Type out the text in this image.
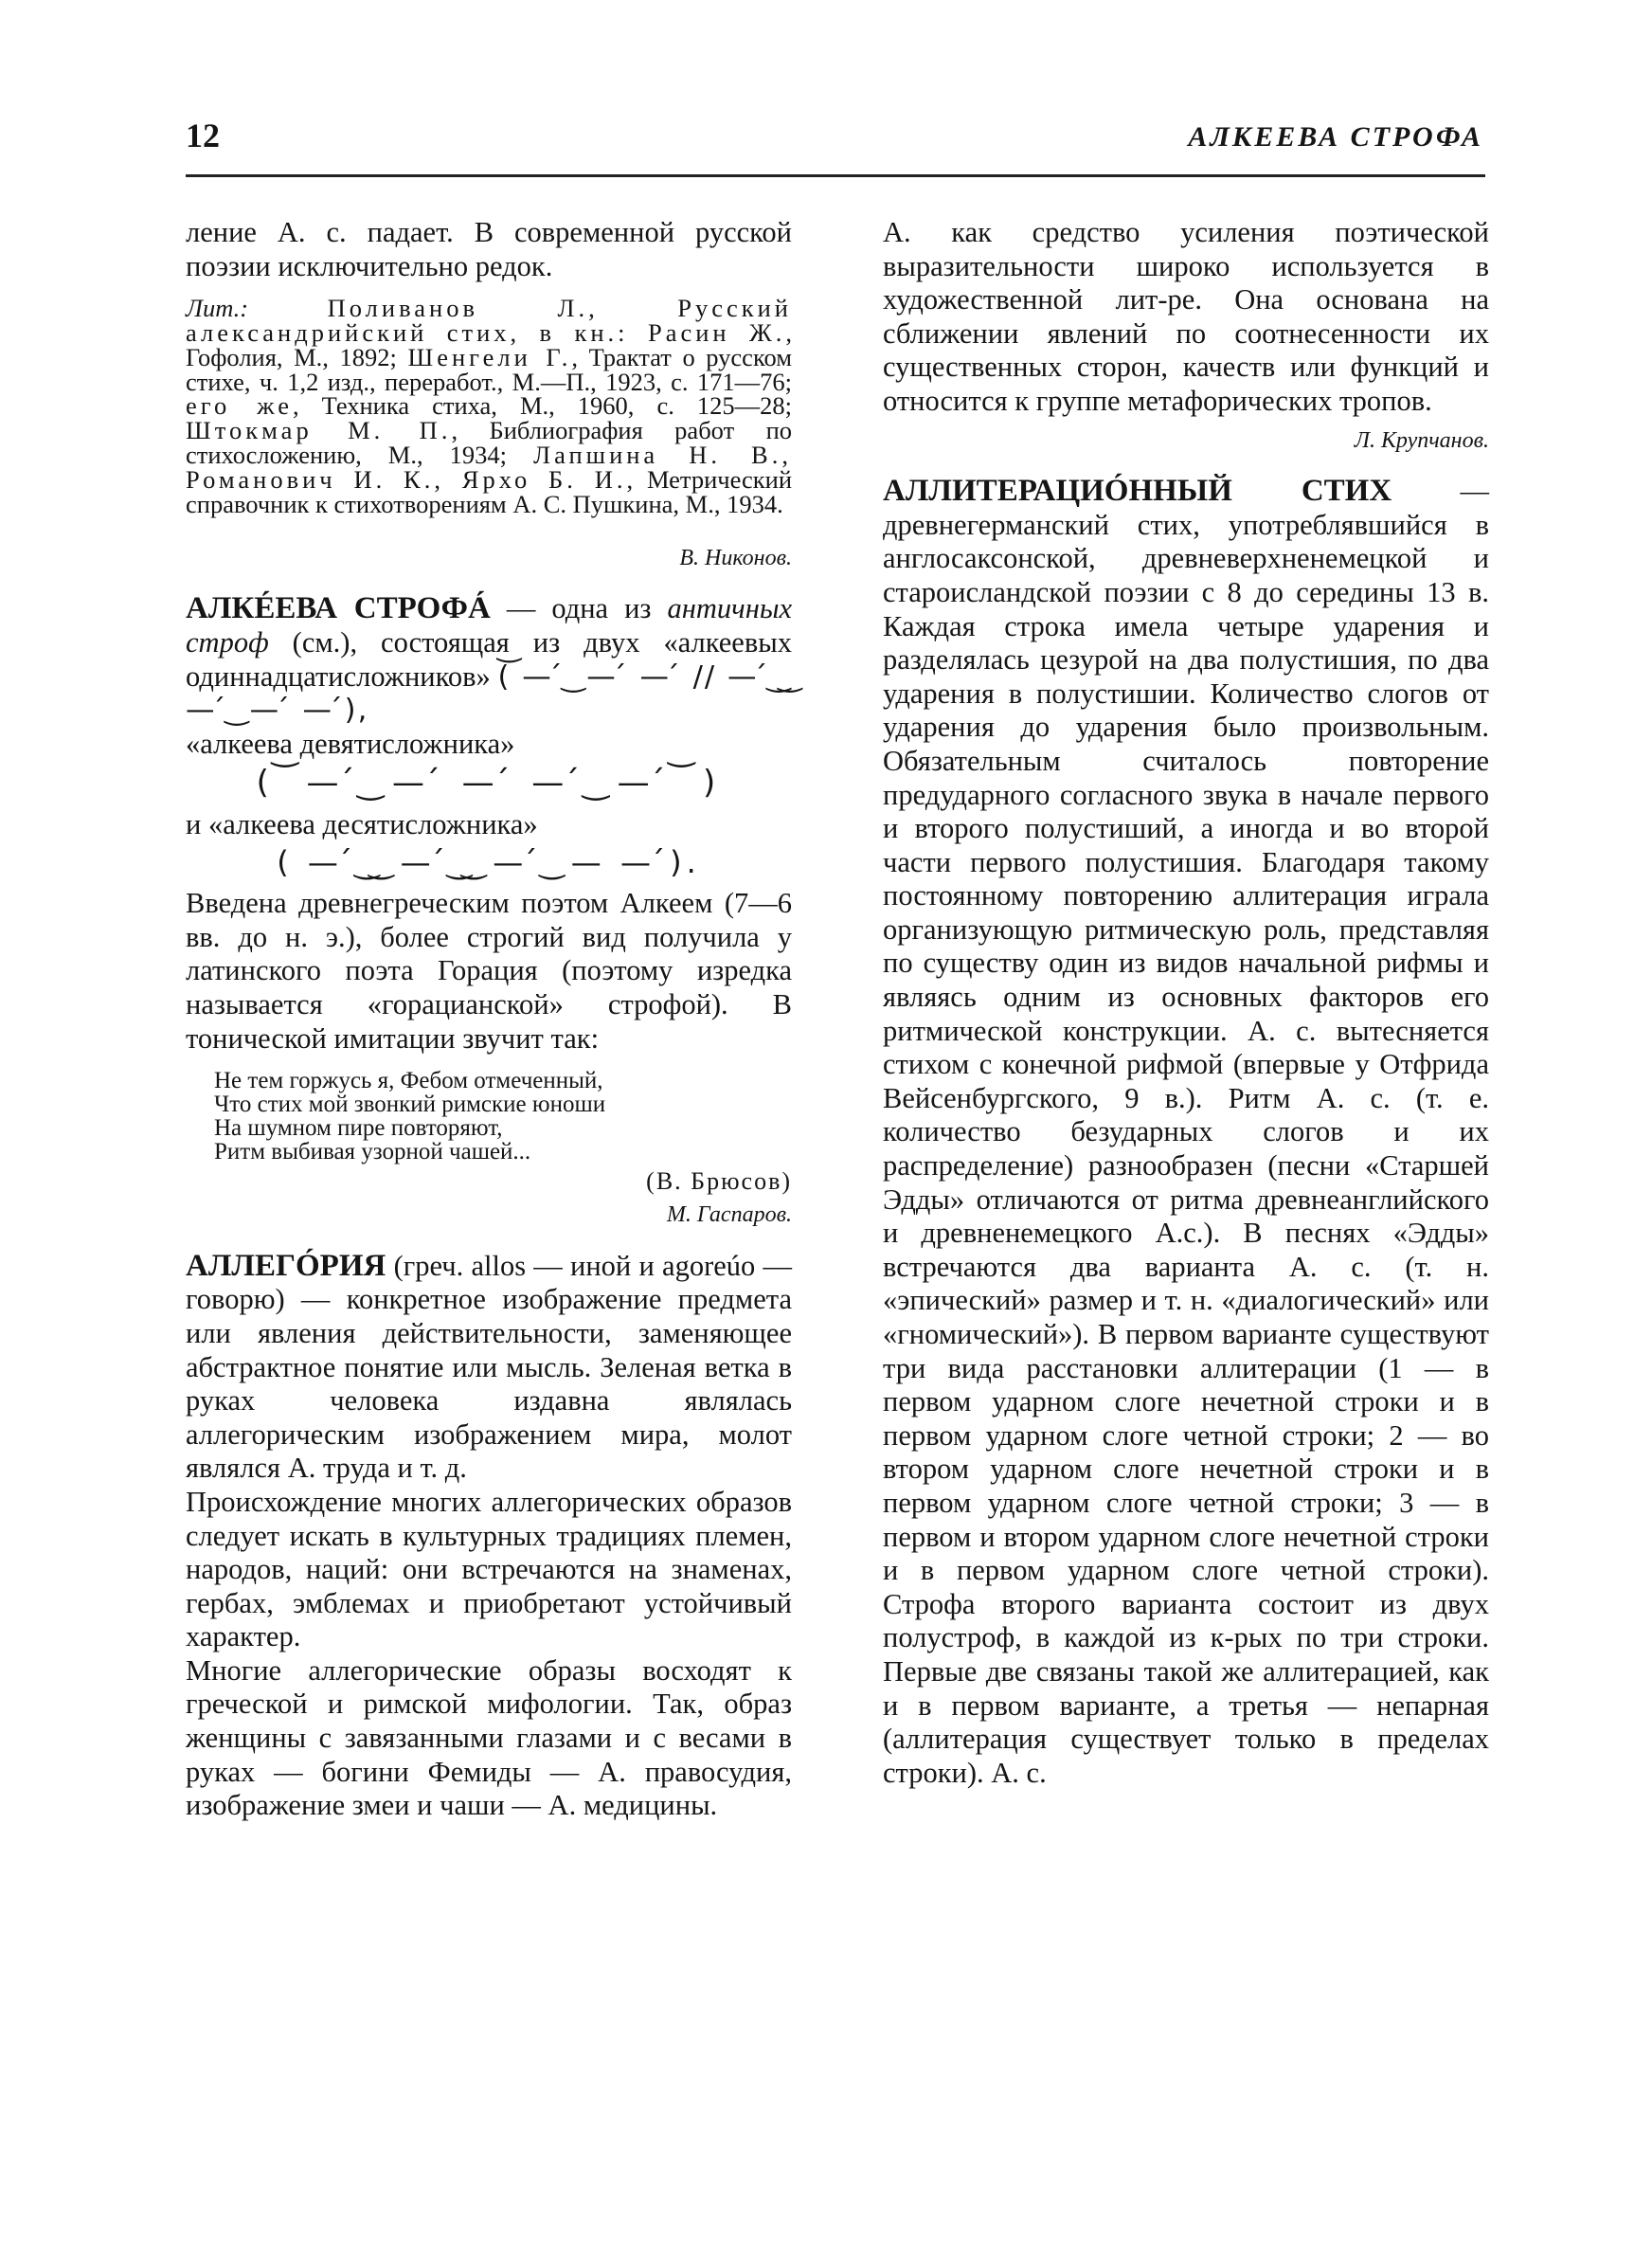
12	АЛКЕЕВА СТРОФА

ление А. с. падает. В современной русской поэзии исключительно редок.

Лит.: Поливанов Л., Русский александрийский стих, в кн.: Расин Ж., Гофолия, М., 1892; Шенгели Г., Трактат о русском стихе, ч. 1,2 изд., переработ., М.—П., 1923, с. 171—76; его же, Техника стиха, М., 1960, с. 125—28; Штокмар М. П., Библиография работ по стихосложению, М., 1934; Лапшина Н. В., Романович И. К., Ярхо Б. И., Метрический справочник к стихотворениям А. С. Пушкина, М., 1934.

В. Никонов.

АЛКÉЕВА СТРОФÁ — одна из античных строф (см.), состоящая из двух «алкеевых одиннадцатисложников» (͝ — ́ ͜ — ́ — ́ // — ́ ͜ ͜ — ́ ͜ — ́ — ́),

«алкеева девятисложника»

( ͝ — ́ ͜ — ́ — ́ — ́ ͜ — ́ ͝ )

и «алкеева десятисложника»

( — ́ ͜ ͜ — ́ ͜ ͜ — ́ ͜ — — ́).

Введена древнегреческим поэтом Алкеем (7—6 вв. до н. э.), более строгий вид получила у латинского поэта Горация (поэтому изредка называется «горацианской» строфой). В тонической имитации звучит так:

Не тем горжусь я, Фебом отмеченный,
Что стих мой звонкий римские юноши
На шумном пире повторяют,
Ритм выбивая узорной чашей...
(В. Брюсов)
М. Гаспаров.

АЛЛЕГÓРИЯ (греч. allos — иной и agoreúo — говорю) — конкретное изображение предмета или явления действительности, заменяющее абстрактное понятие или мысль. Зеленая ветка в руках человека издавна являлась аллегорическим изображением мира, молот являлся А. труда и т. д.

Происхождение многих аллегорических образов следует искать в культурных традициях племен, народов, наций: они встречаются на знаменах, гербах, эмблемах и приобретают устойчивый характер.

Многие аллегорические образы восходят к греческой и римской мифологии. Так, образ женщины с завязанными глазами и с весами в руках — богини Фемиды — А. правосудия, изображение змеи и чаши — А. медицины.

А. как средство усиления поэтической выразительности широко используется в художественной лит-ре. Она основана на сближении явлений по соотнесенности их существенных сторон, качеств или функций и относится к группе метафорических тропов.

Л. Крупчанов.

АЛЛИТЕРАЦИÓННЫЙ СТИХ — древнегерманский стих, употреблявшийся в англосаксонской, древневерхненемецкой и староисландской поэзии с 8 до середины 13 в. Каждая строка имела четыре ударения и разделялась цезурой на два полустишия, по два ударения в полустишии. Количество слогов от ударения до ударения было произвольным. Обязательным считалось повторение предударного согласного звука в начале первого и второго полустиший, а иногда и во второй части первого полустишия. Благодаря такому постоянному повторению аллитерация играла организующую ритмическую роль, представляя по существу один из видов начальной рифмы и являясь одним из основных факторов его ритмической конструкции. А. с. вытесняется стихом с конечной рифмой (впервые у Отфрида Вейсенбургского, 9 в.). Ритм А. с. (т. е. количество безударных слогов и их распределение) разнообразен (песни «Старшей Эдды» отличаются от ритма древнеанглийского и древненемецкого А.с.). В песнях «Эдды» встречаются два варианта А. с. (т. н. «эпический» размер и т. н. «диалогический» или «гномический»). В первом варианте существуют три вида расстановки аллитерации (1 — в первом ударном слоге нечетной строки и в первом ударном слоге четной строки; 2 — во втором ударном слоге нечетной строки и в первом ударном слоге четной строки; 3 — в первом и втором ударном слоге нечетной строки и в первом ударном слоге четной строки). Строфа второго варианта состоит из двух полустроф, в каждой из к-рых по три строки. Первые две связаны такой же аллитерацией, как и в первом варианте, а третья — непарная (аллитерация существует только в пределах строки). А. с.
